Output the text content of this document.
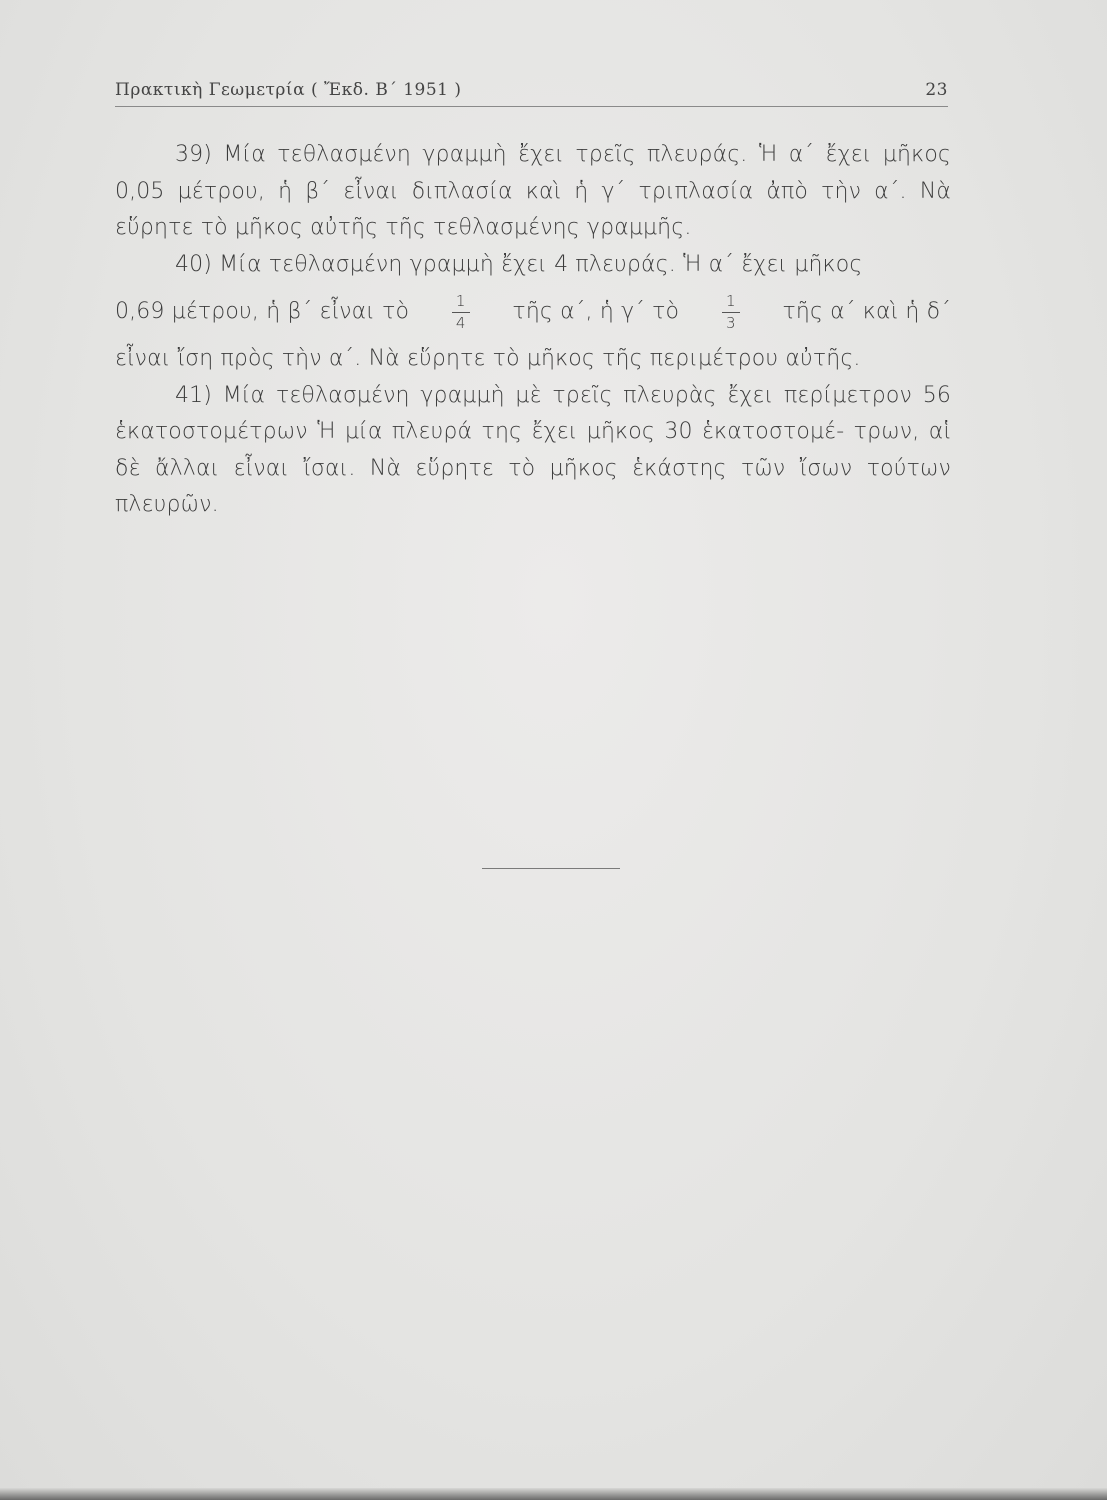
Πρακτικὴ Γεωμετρία ( Ἔκδ. Β΄ 1951 )	23

39) Μία τεθλασμένη γραμμὴ ἔχει τρεῖς πλευράς. Ἡ α΄ ἔχει μῆκος 0,05 μέτρου, ἡ β΄ εἶναι διπλασία καὶ ἡ γ΄ τριπλασία ἀπὸ τὴν α΄. Νὰ εὕρητε τὸ μῆκος αὐτῆς τῆς τεθλασμένης γραμμῆς.

40) Μία τεθλασμένη γραμμὴ ἔχει 4 πλευράς. Ἡ α΄ ἔχει μῆκος

0,69 μέτρου, ἡ β΄ εἶναι τὸ	$\frac{1}{4}$ τῆς α΄, ἡ γ΄ τὸ	$\frac{1}{3}$ τῆς α΄ καὶ ἡ δ΄

εἶναι ἴση πρὸς τὴν α΄. Νὰ εὕρητε τὸ μῆκος τῆς περιμέτρου αὐτῆς.

41) Μία τεθλασμένη γραμμὴ μὲ τρεῖς πλευρὰς ἔχει περίμετρον 56 ἑκατοστομέτρων Ἡ μία πλευρά της ἔχει μῆκος 30 ἑκατοστομέ- τρων, αἱ δὲ ἄλλαι εἶναι ἴσαι. Νὰ εὕρητε τὸ μῆκος ἑκάστης τῶν ἴσων τούτων πλευρῶν.
